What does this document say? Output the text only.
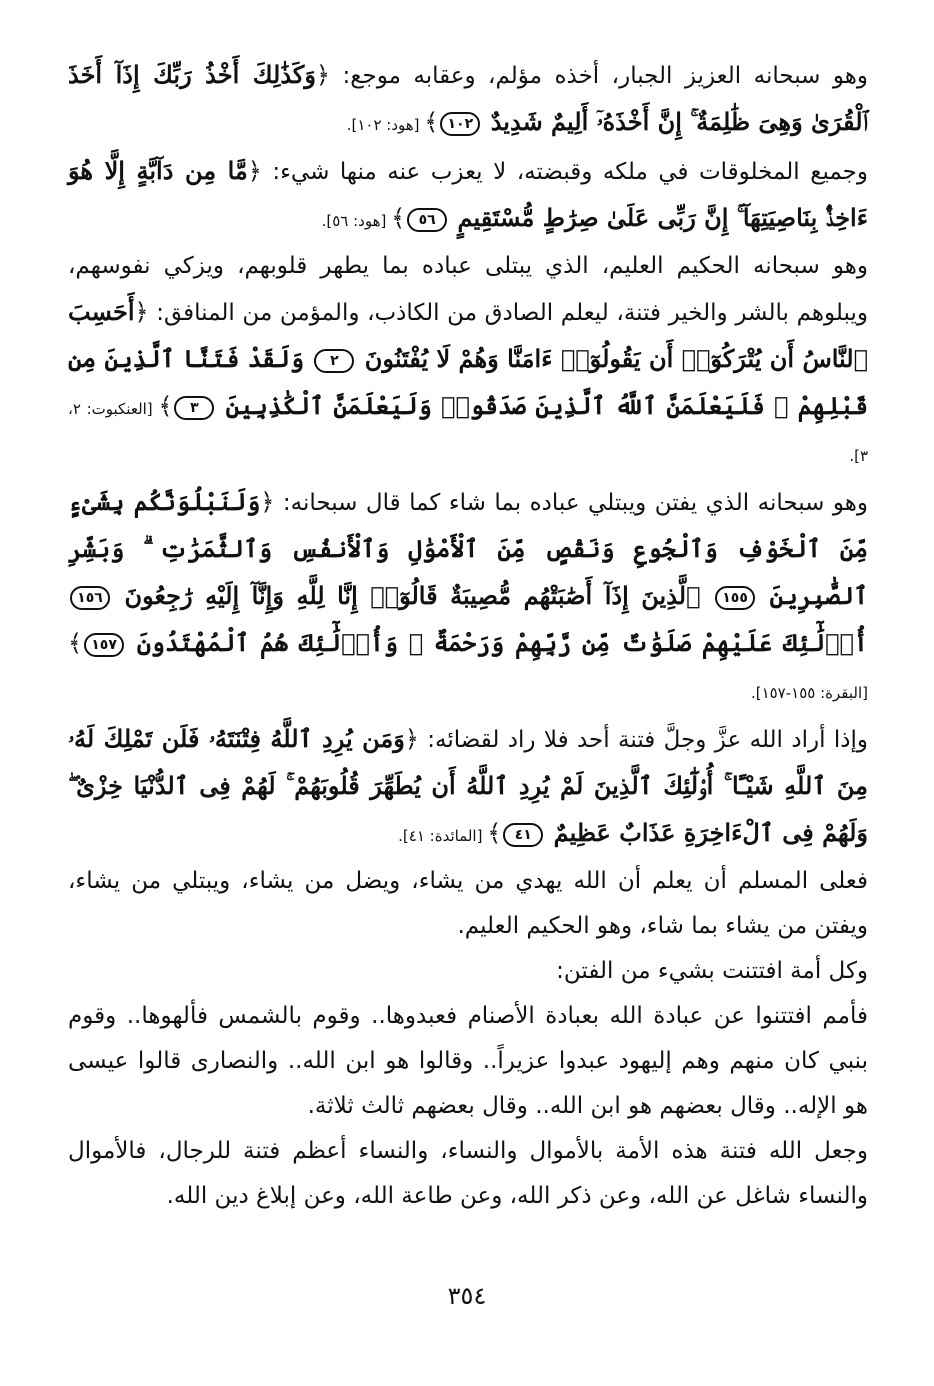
وهو سبحانه العزيز الجبار، أخذه مؤلم، وعقابه موجع: ﴿وَكَذَٰلِكَ أَخْذُ رَبِّكَ إِذَآ أَخَذَ ٱلْقُرَىٰ وَهِىَ ظَٰلِمَةٌ ۚ إِنَّ أَخْذَهُۥٓ أَلِيمٌ شَدِيدٌ ١٠٢﴾ [هود: ١٠٢].

وجميع المخلوقات في ملكه وقبضته، لا يعزب عنه منها شيء: ﴿مَّا مِن دَآبَّةٍ إِلَّا هُوَ ءَاخِذٌۢ بِنَاصِيَتِهَآ ۚ إِنَّ رَبِّى عَلَىٰ صِرَٰطٍ مُّسْتَقِيمٍ ٥٦﴾ [هود: ٥٦].

وهو سبحانه الحكيم العليم، الذي يبتلى عباده بما يطهر قلوبهم، ويزكي نفوسهم، ويبلوهم بالشر والخير فتنة، ليعلم الصادق من الكاذب، والمؤمن من المنافق: ﴿أَحَسِبَ ٱلنَّاسُ أَن يُتْرَكُوٓا۟ أَن يَقُولُوٓا۟ ءَامَنَّا وَهُمْ لَا يُفْتَنُونَ ٢ وَلَقَدْ فَتَنَّا ٱلَّذِينَ مِن قَبْلِهِمْ ۖ فَلَيَعْلَمَنَّ ٱللَّهُ ٱلَّذِينَ صَدَقُوا۟ وَلَيَعْلَمَنَّ ٱلْكَٰذِبِينَ ٣﴾ [العنكبوت: ٢، ٣].

وهو سبحانه الذي يفتن ويبتلي عباده بما شاء كما قال سبحانه: ﴿وَلَنَبْلُوَنَّكُم بِشَىْءٍ مِّنَ ٱلْخَوْفِ وَٱلْجُوعِ وَنَقْصٍ مِّنَ ٱلْأَمْوَٰلِ وَٱلْأَنفُسِ وَٱلثَّمَرَٰتِ ۗ وَبَشِّرِ ٱلصَّٰبِرِينَ ١٥٥ ٱلَّذِينَ إِذَآ أَصَٰبَتْهُم مُّصِيبَةٌ قَالُوٓا۟ إِنَّا لِلَّهِ وَإِنَّآ إِلَيْهِ رَٰجِعُونَ ١٥٦ أُو۟لَٰٓئِكَ عَلَيْهِمْ صَلَوَٰتٌ مِّن رَّبِّهِمْ وَرَحْمَةٌ ۖ وَأُو۟لَٰٓئِكَ هُمُ ٱلْمُهْتَدُونَ ١٥٧﴾ [البقرة: ١٥٥-١٥٧].

وإذا أراد الله عزَّ وجلَّ فتنة أحد فلا راد لقضائه: ﴿وَمَن يُرِدِ ٱللَّهُ فِتْنَتَهُۥ فَلَن تَمْلِكَ لَهُۥ مِنَ ٱللَّهِ شَيْـًٔا ۚ أُو۟لَٰٓئِكَ ٱلَّذِينَ لَمْ يُرِدِ ٱللَّهُ أَن يُطَهِّرَ قُلُوبَهُمْ ۚ لَهُمْ فِى ٱلدُّنْيَا خِزْىٌ ۖ وَلَهُمْ فِى ٱلْءَاخِرَةِ عَذَابٌ عَظِيمٌ ٤١﴾ [المائدة: ٤١].

فعلى المسلم أن يعلم أن الله يهدي من يشاء، ويضل من يشاء، ويبتلي من يشاء، ويفتن من يشاء بما شاء، وهو الحكيم العليم.

وكل أمة افتتنت بشيء من الفتن:

فأمم افتتنوا عن عبادة الله بعبادة الأصنام فعبدوها.. وقوم بالشمس فألهوها.. وقوم بنبي كان منهم وهم إليهود عبدوا عزيراً.. وقالوا هو ابن الله.. والنصارى قالوا عيسى هو الإله.. وقال بعضهم هو ابن الله.. وقال بعضهم ثالث ثلاثة.

وجعل الله فتنة هذه الأمة بالأموال والنساء، والنساء أعظم فتنة للرجال، فالأموال والنساء شاغل عن الله، وعن ذكر الله، وعن طاعة الله، وعن إبلاغ دين الله.

٣٥٤
